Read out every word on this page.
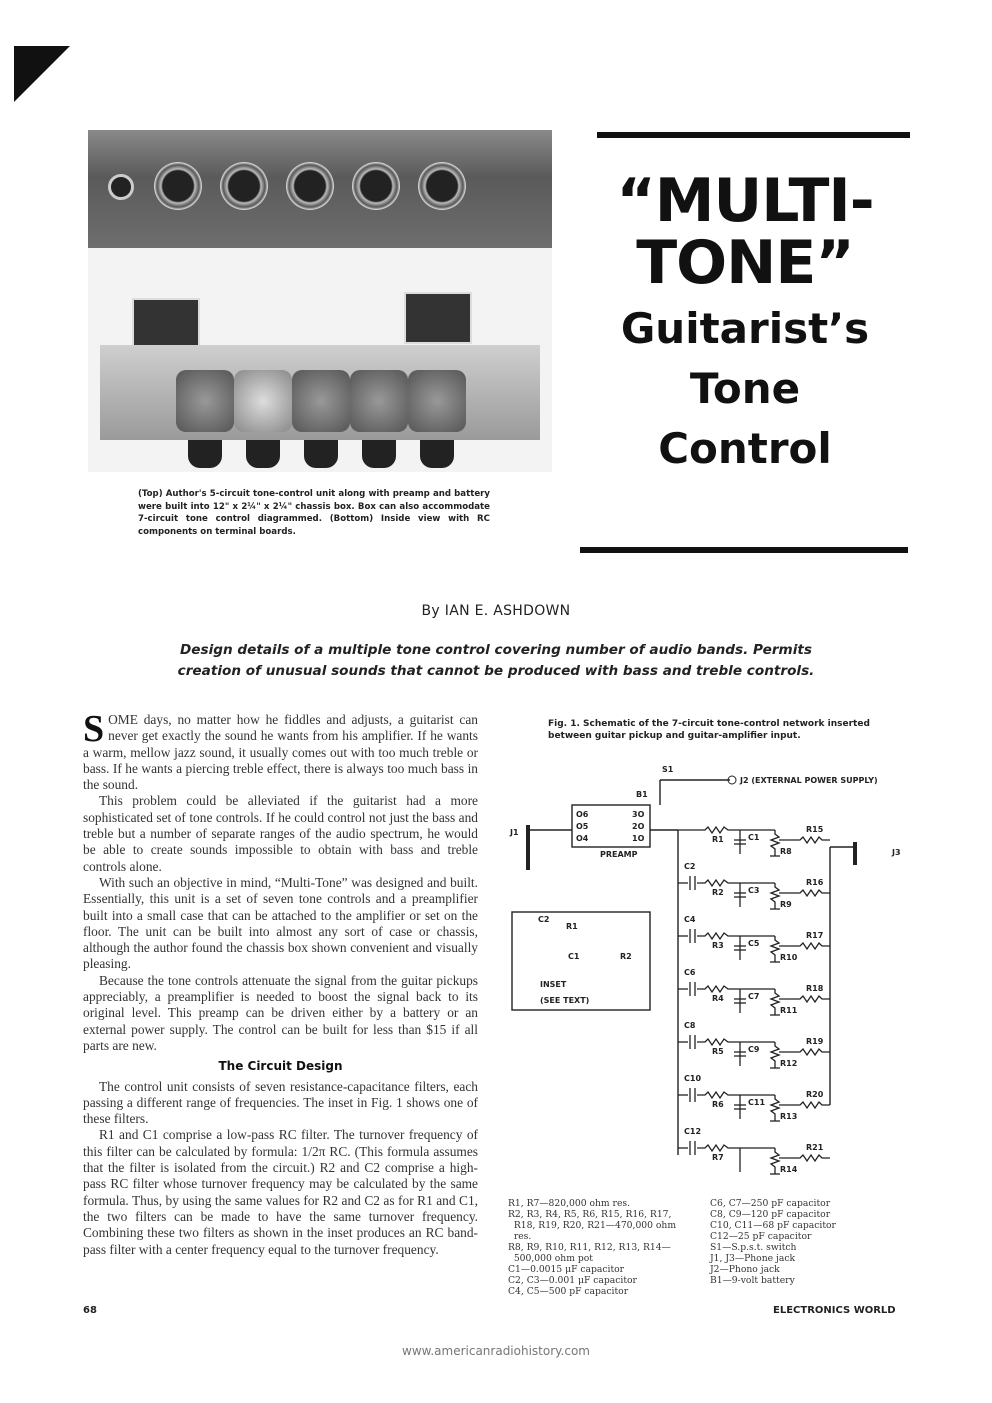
“MULTI-
TONE”
Guitarist’s
Tone
Control
(Top) Author's 5-circuit tone-control unit along with preamp and battery were built into 12" x 2¼" x 2¼" chassis box. Box can also accommodate 7-circuit tone control diagrammed. (Bottom) Inside view with RC components on terminal boards.
By IAN E. ASHDOWN
Design details of a multiple tone control covering number of audio bands. Permits creation of unusual sounds that cannot be produced with bass and treble controls.

SOME days, no matter how he fiddles and adjusts, a guitarist can never get exactly the sound he wants from his amplifier. If he wants a warm, mellow jazz sound, it usually comes out with too much treble or bass. If he wants a piercing treble effect, there is always too much bass in the sound.

This problem could be alleviated if the guitarist had a more sophisticated set of tone controls. If he could control not just the bass and treble but a number of separate ranges of the audio spectrum, he would be able to create sounds impossible to obtain with bass and treble controls alone.

With such an objective in mind, “Multi-Tone” was designed and built. Essentially, this unit is a set of seven tone controls and a preamplifier built into a small case that can be attached to the amplifier or set on the floor. The unit can be built into almost any sort of case or chassis, although the author found the chassis box shown convenient and visually pleasing.

Because the tone controls attenuate the signal from the guitar pickups appreciably, a preamplifier is needed to boost the signal back to its original level. This preamp can be driven either by a battery or an external power supply. The control can be built for less than $15 if all parts are new.

The Circuit Design

The control unit consists of seven resistance-capacitance filters, each passing a different range of frequencies. The inset in Fig. 1 shows one of these filters.

R1 and C1 comprise a low-pass RC filter. The turnover frequency of this filter can be calculated by formula: 1/2π RC. (This formula assumes that the filter is isolated from the circuit.) R2 and C2 comprise a high-pass RC filter whose turnover frequency may be calculated by the same formula. Thus, by using the same values for R2 and C2 as for R1 and C1, the two filters can be made to have the same turnover frequency. Combining these two filters as shown in the inset produces an RC band-pass filter with a center frequency equal to the turnover frequency.

Fig. 1. Schematic of the 7-circuit tone-control network inserted between guitar pickup and guitar-amplifier input.
R1	C1
R8
R15
C2
R2	C3
R9
R16
C4
R3	C5
R10
R17
C6
R4	C7
R11
R18
C8
R5	C9
R12
R19
C10
R6	C11
R13
R20
C12
R7
R14
R21
S1
B1
J2 (EXTERNAL POWER SUPPLY)
J1
J3
PREAMP
O6
O5
O4
3O
2O
1O
C2
R1
C1	R2
INSET
(SEE TEXT)
R1, R7—820,000 ohm res.
R2, R3, R4, R5, R6, R15, R16, R17,
R18, R19, R20, R21—470,000 ohm
res.
R8, R9, R10, R11, R12, R13, R14—
500,000 ohm pot
C1—0.0015 μF capacitor
C2, C3—0.001 μF capacitor
C4, C5—500 pF capacitor
C6, C7—250 pF capacitor
C8, C9—120 pF capacitor
C10, C11—68 pF capacitor
C12—25 pF capacitor
S1—S.p.s.t. switch
J1, J3—Phone jack
J2—Phono jack
B1—9-volt battery
68	ELECTRONICS WORLD
www.americanradiohistory.com
